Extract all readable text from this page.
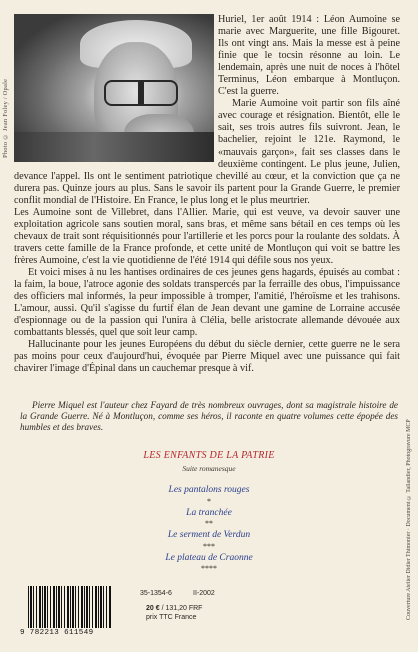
Photo © Jean Foley / Opale

Huriel, 1er août 1914 : Léon Aumoine se marie avec Marguerite, une fille Bigouret. Ils ont vingt ans. Mais la messe est à peine finie que le tocsin résonne au loin. Le lendemain, après une nuit de noces à l'hôtel Terminus, Léon embarque à Montluçon. C'est la guerre.

Marie Aumoine voit partir son fils aîné avec courage et résignation. Bientôt, elle le sait, ses trois autres fils suivront. Jean, le bachelier, rejoint le 121e. Raymond, le «mauvais garçon», fait ses classes dans le deuxième contingent. Le plus jeune, Julien, devance l'appel. Ils ont le sentiment patriotique chevillé au cœur, et la conviction que ça ne durera pas. Quinze jours au plus. Sans le savoir ils partent pour la Grande Guerre, le premier conflit mondial de l'Histoire. En France, le plus long et le plus meurtrier.

Les Aumoine sont de Villebret, dans l'Allier. Marie, qui est veuve, va devoir sauver une exploitation agricole sans soutien moral, sans bras, et même sans bétail en ces temps où les chevaux de trait sont réquisitionnés pour l'artillerie et les porcs pour la roulante des soldats. À travers cette famille de la France profonde, et cette unité de Montluçon qui voit se battre les frères Aumoine, c'est la vie quotidienne de l'été 1914 qui défile sous nos yeux.

Et voici mises à nu les hantises ordinaires de ces jeunes gens hagards, épuisés au combat : la faim, la boue, l'atroce agonie des soldats transpercés par la ferraille des obus, l'impuissance des officiers mal informés, la peur impossible à tromper, l'amitié, l'héroïsme et les trahisons. L'amour, aussi. Qu'il s'agisse du furtif élan de Jean devant une gamine de Lorraine accusée d'espionnage ou de la passion qui l'unira à Clélia, belle aristocrate allemande dévouée aux combattants blessés, quel que soit leur camp.

Hallucinante pour les jeunes Européens du début du siècle dernier, cette guerre ne le sera pas moins pour ceux d'aujourd'hui, évoquée par Pierre Miquel avec une puissance qui fait chavirer l'image d'Épinal dans un cauchemar presque à vif.

Pierre Miquel est l'auteur chez Fayard de très nombreux ouvrages, dont sa magistrale histoire de la Grande Guerre. Né à Montluçon, comme ses héros, il raconte en quatre volumes cette épopée des humbles et des braves.
LES ENFANTS DE LA PATRIE
Suite romanesque
Les pantalons rouges
*
La tranchée
**
Le serment de Verdun
***
Le plateau de Craonne
****	Couverture Atelier Didier Thimonier · Document © Tallandier, Photogravure MCP
9 782213 611549
35-1354-6	II-2002
20 € / 131,20 FRF
prix TTC France
